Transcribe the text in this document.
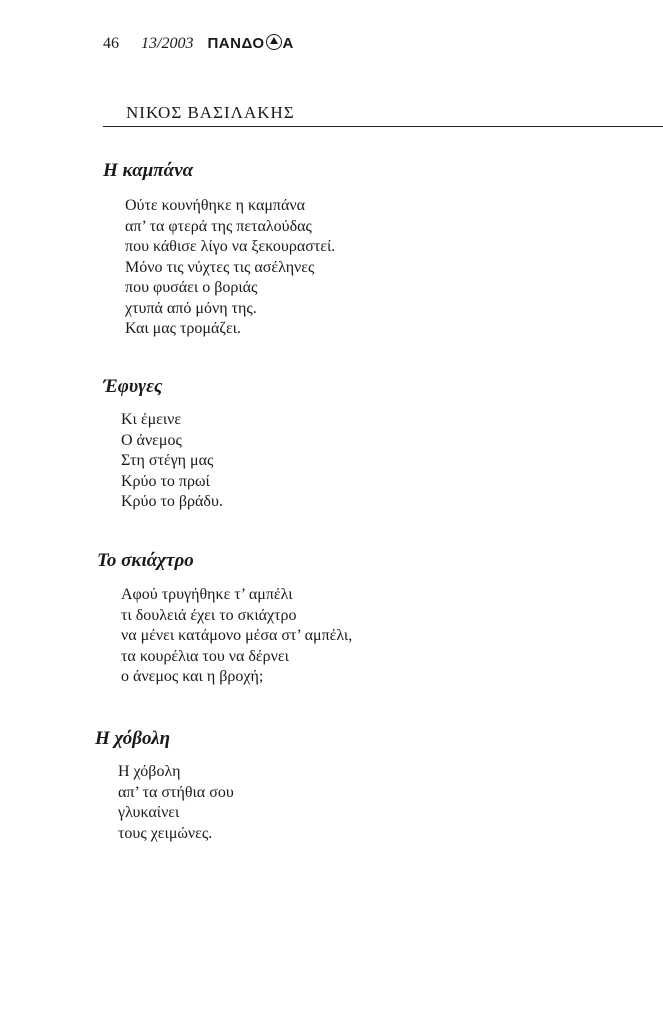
46 13/2003 ΠΑΝΔΟ Α
ΝΙΚΟΣ ΒΑΣΙΛΑΚΗΣ
Η καμπάνα
Ούτε κουνήθηκε η καμπάνα
απ’ τα φτερά της πεταλούδας
που κάθισε λίγο να ξεκουραστεί.
Μόνο τις νύχτες τις ασέληνες
που φυσάει ο βοριάς
χτυπά από μόνη της.
Και μας τρομάζει.
Έφυγες
Κι έμεινε
Ο άνεμος
Στη στέγη μας
Κρύο το πρωί
Κρύο το βράδυ.
Το σκιάχτρο
Αφού τρυγήθηκε τ’ αμπέλι
τι δουλειά έχει το σκιάχτρο
να μένει κατάμονο μέσα στ’ αμπέλι,
τα κουρέλια του να δέρνει
ο άνεμος και η βροχή;
Η χόβολη
Η χόβολη
απ’ τα στήθια σου
γλυκαίνει
τους χειμώνες.
